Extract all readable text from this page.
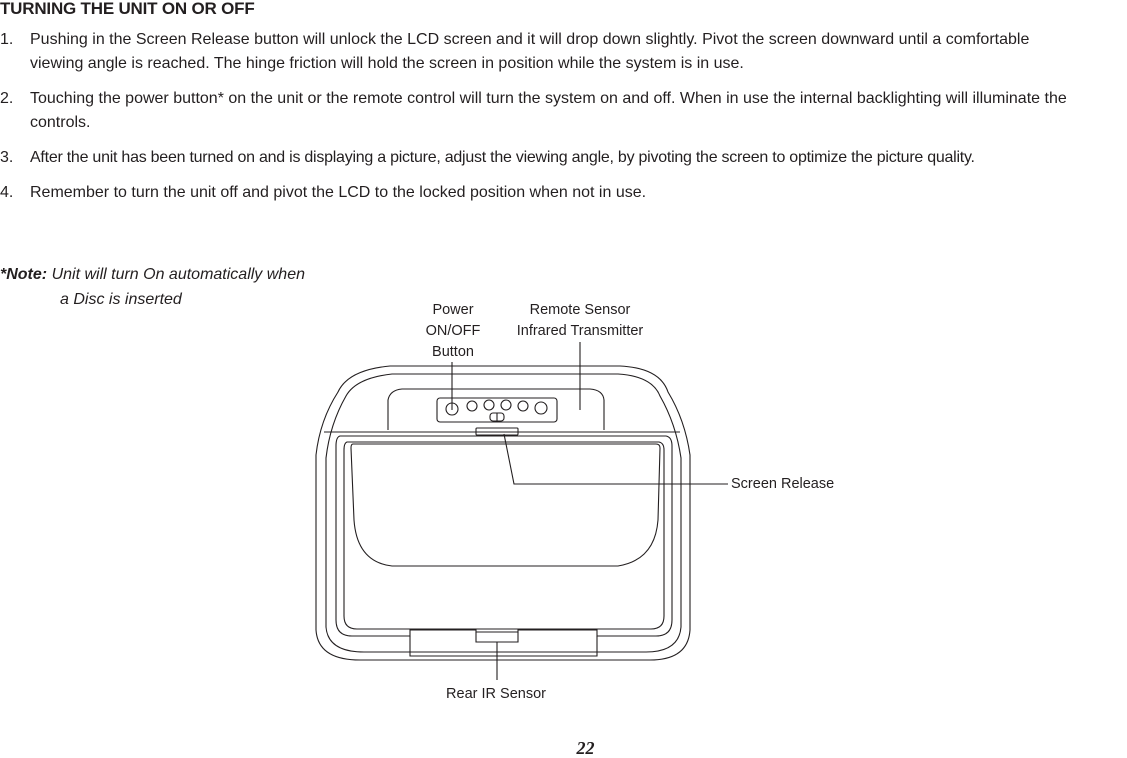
TURNING THE UNIT ON OR OFF
1. Pushing in the Screen Release button will unlock the LCD screen and it will drop down slightly. Pivot the screen downward until a comfortable viewing angle is reached. The hinge friction will hold the screen in position while the system is in use.
2. Touching the power button* on the unit or the remote control will turn the system on and off. When in use the internal backlighting will illuminate the controls.
3. After the unit has been turned on and is displaying a picture, adjust the viewing angle, by pivoting the screen to optimize the picture quality.
4. Remember to turn the unit off and pivot the LCD to the locked position when not in use.
*Note: Unit will turn On automatically when
a Disc is inserted
Power
ON/OFF
Button
Remote Sensor
Infrared Transmitter
Screen Release
Rear IR Sensor
22
